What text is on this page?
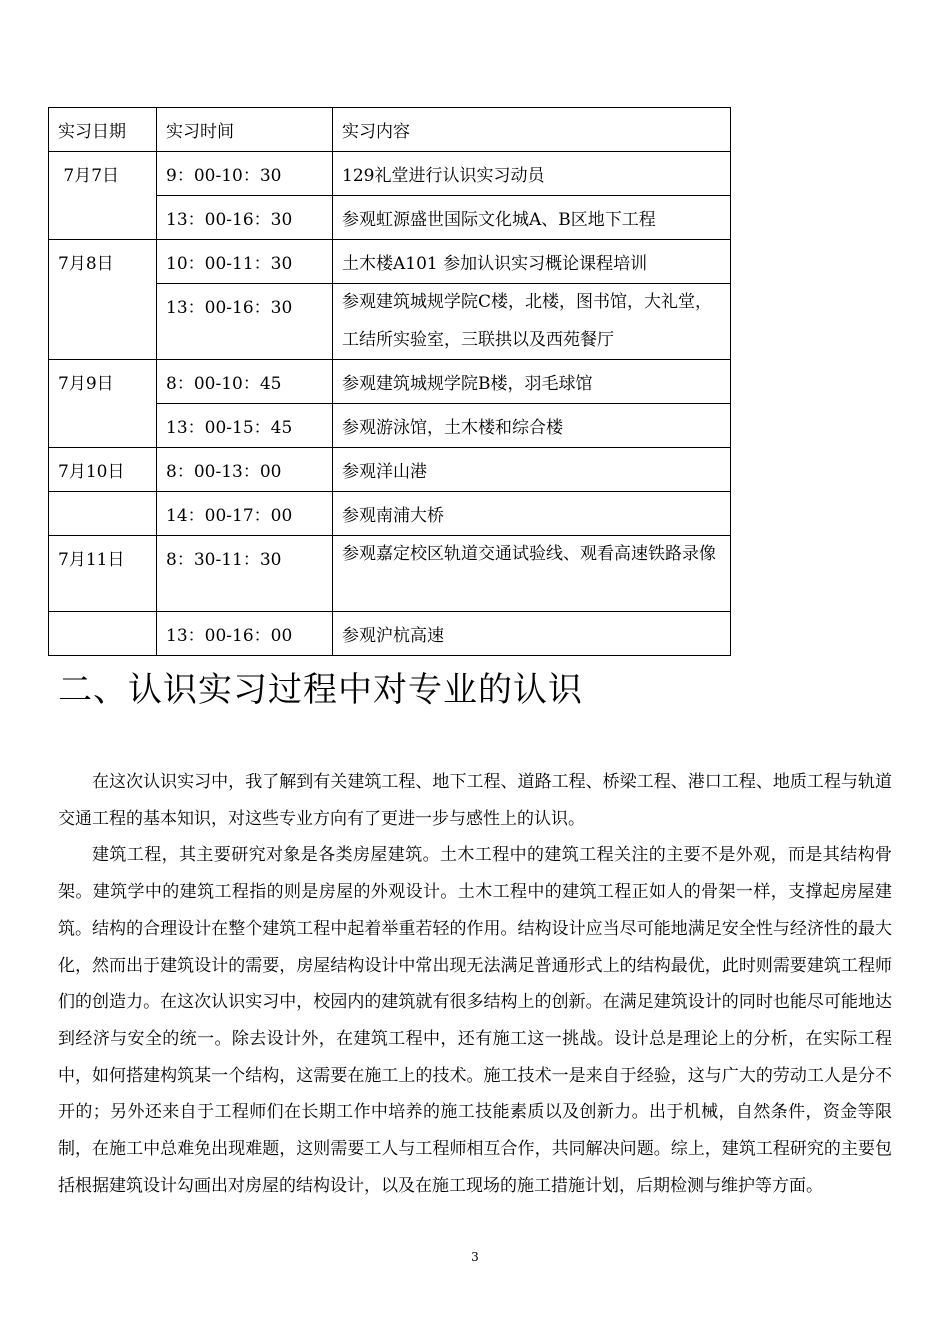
实习日期	实习时间	实习内容
7月7日	9：00-10：30	129礼堂进行认识实习动员
	13：00-16：30	参观虹源盛世国际文化城A、B区地下工程
7月8日	10：00-11：30	土木楼A101 参加认识实习概论课程培训
	13：00-16：30	参观建筑城规学院C楼，北楼，图书馆，大礼堂，工结所实验室，三联拱以及西苑餐厅
7月9日	8：00-10：45	参观建筑城规学院B楼，羽毛球馆
	13：00-15：45	参观游泳馆，土木楼和综合楼
7月10日	8：00-13：00	参观洋山港
	14：00-17：00	参观南浦大桥
7月11日	8：30-11：30	参观嘉定校区轨道交通试验线、观看高速铁路录像
	13：00-16：00	参观沪杭高速
二、认识实习过程中对专业的认识

在这次认识实习中，我了解到有关建筑工程、地下工程、道路工程、桥梁工程、港口工程、地质工程与轨道交通工程的基本知识，对这些专业方向有了更进一步与感性上的认识。

建筑工程，其主要研究对象是各类房屋建筑。土木工程中的建筑工程关注的主要不是外观，而是其结构骨架。建筑学中的建筑工程指的则是房屋的外观设计。土木工程中的建筑工程正如人的骨架一样，支撑起房屋建筑。结构的合理设计在整个建筑工程中起着举重若轻的作用。结构设计应当尽可能地满足安全性与经济性的最大化，然而出于建筑设计的需要，房屋结构设计中常出现无法满足普通形式上的结构最优，此时则需要建筑工程师们的创造力。在这次认识实习中，校园内的建筑就有很多结构上的创新。在满足建筑设计的同时也能尽可能地达到经济与安全的统一。除去设计外，在建筑工程中，还有施工这一挑战。设计总是理论上的分析，在实际工程中，如何搭建构筑某一个结构，这需要在施工上的技术。施工技术一是来自于经验，这与广大的劳动工人是分不开的；另外还来自于工程师们在长期工作中培养的施工技能素质以及创新力。出于机械，自然条件，资金等限制，在施工中总难免出现难题，这则需要工人与工程师相互合作，共同解决问题。综上，建筑工程研究的主要包括根据建筑设计勾画出对房屋的结构设计，以及在施工现场的施工措施计划，后期检测与维护等方面。

3
